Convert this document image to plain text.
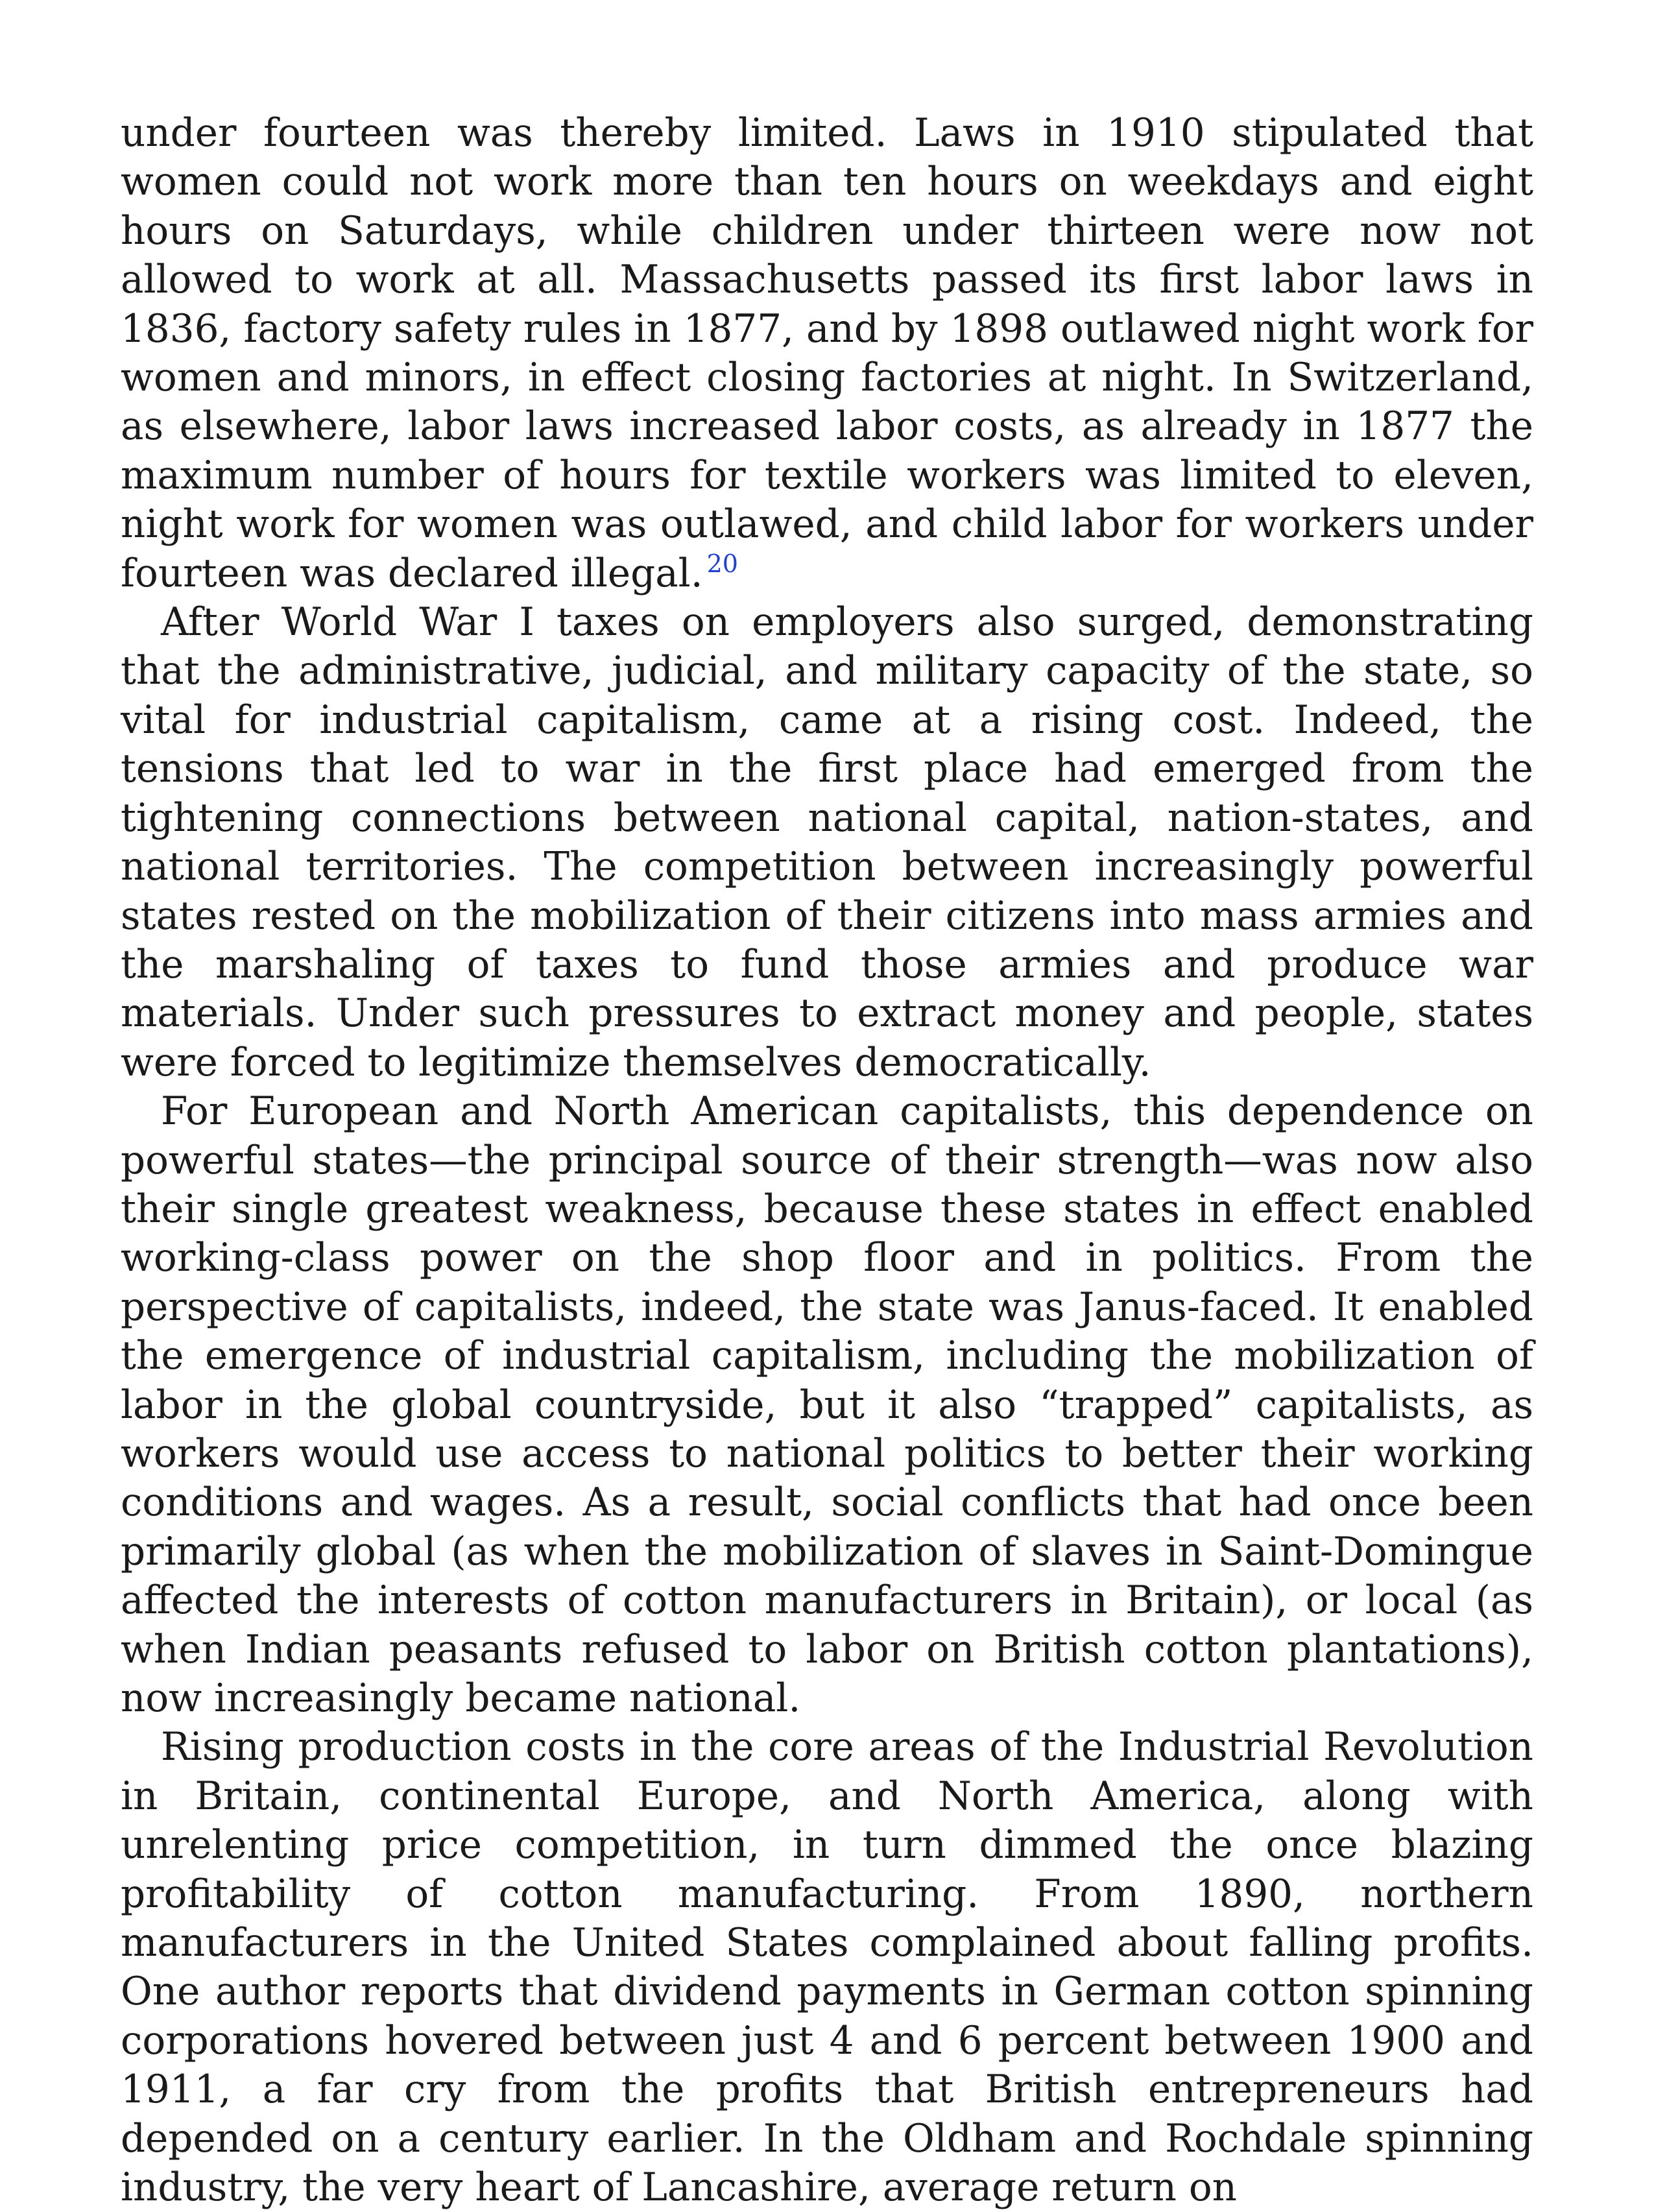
under fourteen was thereby limited. Laws in 1910 stipulated that women could not work more than ten hours on weekdays and eight hours on Saturdays, while children under thirteen were now not allowed to work at all. Massachusetts passed its first labor laws in 1836, factory safety rules in 1877, and by 1898 outlawed night work for women and minors, in effect closing factories at night. In Switzerland, as elsewhere, labor laws increased labor costs, as already in 1877 the maximum number of hours for textile workers was limited to eleven, night work for women was outlawed, and child labor for workers under fourteen was declared illegal. $^{20}$

After World War I taxes on employers also surged, demonstrating that the administrative, judicial, and military capacity of the state, so vital for industrial capitalism, came at a rising cost. Indeed, the tensions that led to war in the first place had emerged from the tightening connections between national capital, nation-states, and national territories. The competition between increasingly powerful states rested on the mobilization of their citizens into mass armies and the marshaling of taxes to fund those armies and produce war materials. Under such pressures to extract money and people, states were forced to legitimize themselves democratically.

For European and North American capitalists, this dependence on powerful states—the principal source of their strength—was now also their single greatest weakness, because these states in effect enabled working-class power on the shop floor and in politics. From the perspective of capitalists, indeed, the state was Janus-faced. It enabled the emergence of industrial capitalism, including the mobilization of labor in the global countryside, but it also “trapped” capitalists, as workers would use access to national politics to better their working conditions and wages. As a result, social conflicts that had once been primarily global (as when the mobilization of slaves in Saint-Domingue affected the interests of cotton manufacturers in Britain), or local (as when Indian peasants refused to labor on British cotton plantations), now increasingly became national.

Rising production costs in the core areas of the Industrial Revolution in Britain, continental Europe, and North America, along with unrelenting price competition, in turn dimmed the once blazing profitability of cotton manufacturing. From 1890, northern manufacturers in the United States complained about falling profits. One author reports that dividend payments in German cotton spinning corporations hovered between just 4 and 6 percent between 1900 and 1911, a far cry from the profits that British entrepreneurs had depended on a century earlier. In the Oldham and Rochdale spinning industry, the very heart of Lancashire, average return on
